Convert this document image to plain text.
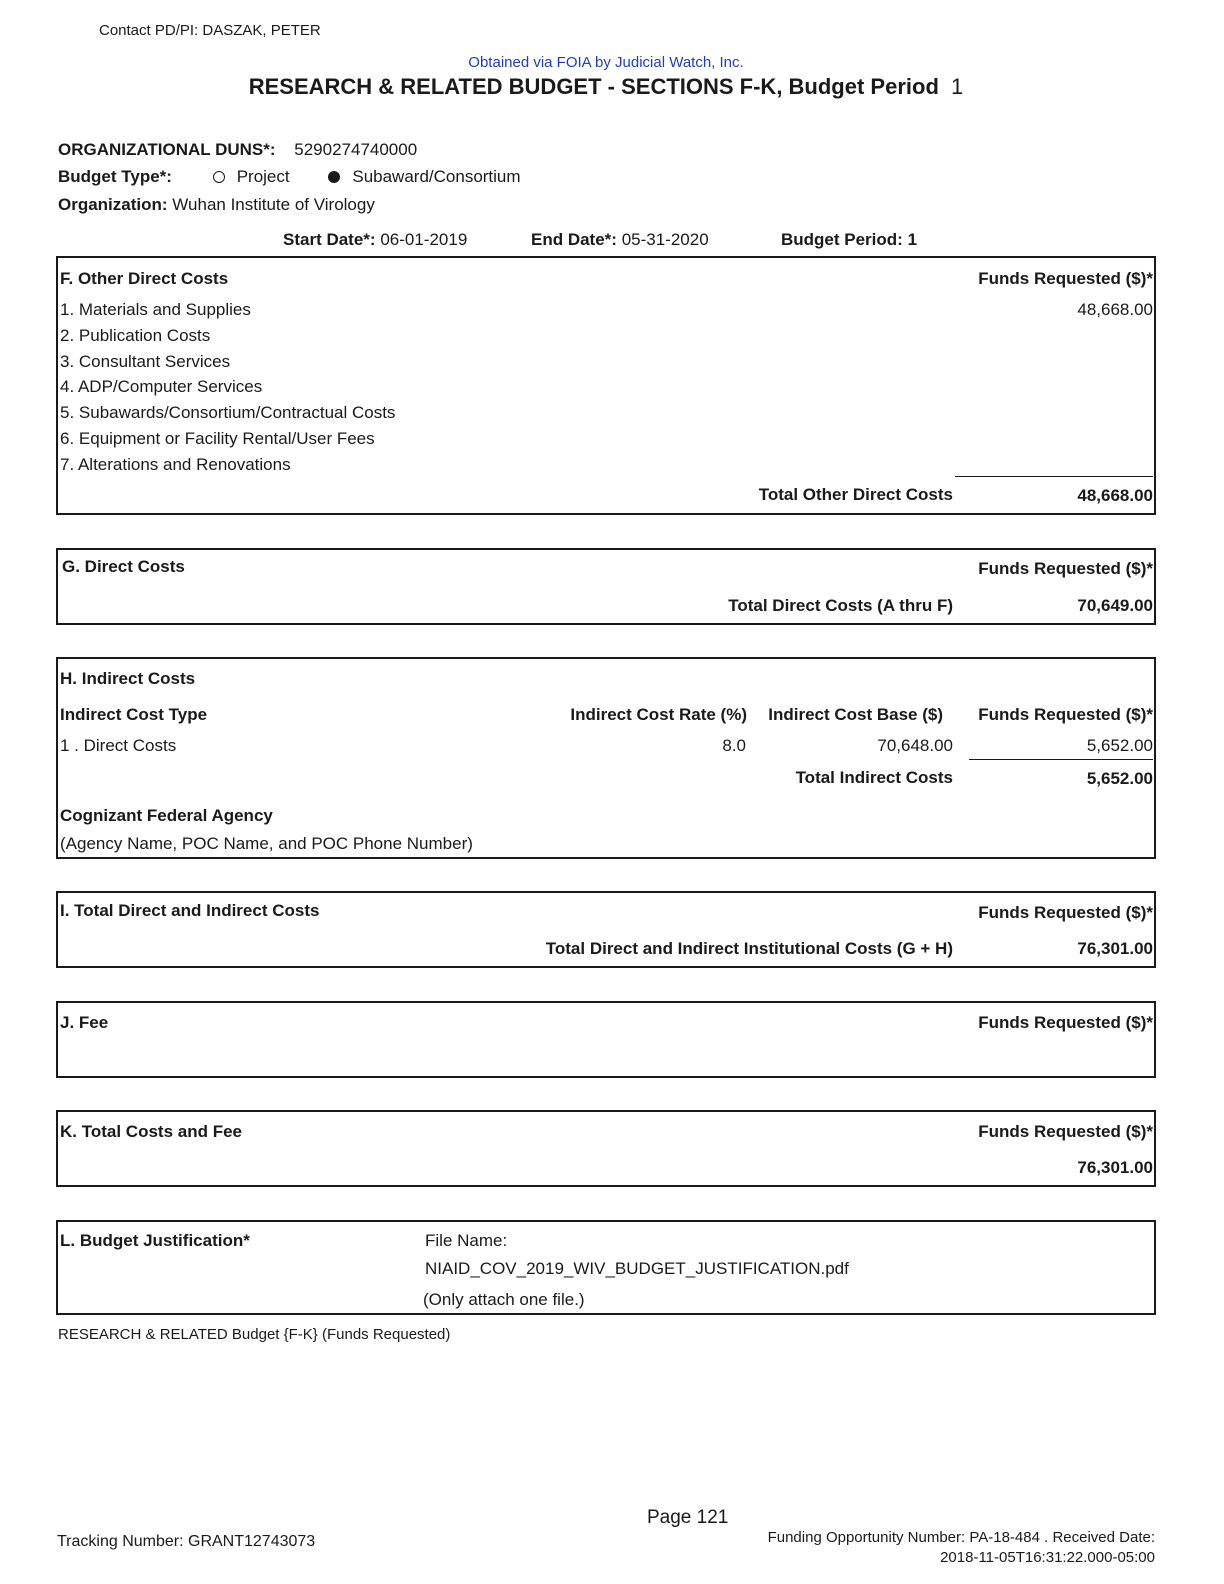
Contact PD/PI: DASZAK, PETER
Obtained via FOIA by Judicial Watch, Inc.
RESEARCH & RELATED BUDGET - SECTIONS F-K, Budget Period 1
ORGANIZATIONAL DUNS*: 5290274740000
Budget Type*:	Project	Subaward/Consortium
Organization: Wuhan Institute of Virology
Start Date*: 06-01-2019	End Date*: 05-31-2020	Budget Period: 1
F. Other Direct Costs	Funds Requested ($)*
1. Materials and Supplies	48,668.00
2. Publication Costs
3. Consultant Services
4. ADP/Computer Services
5. Subawards/Consortium/Contractual Costs
6. Equipment or Facility Rental/User Fees
7. Alterations and Renovations
Total Other Direct Costs	48,668.00
G. Direct Costs	Funds Requested ($)*
Total Direct Costs (A thru F)	70,649.00
H. Indirect Costs
Indirect Cost Type	Indirect Cost Rate (%)	Indirect Cost Base ($)	Funds Requested ($)*
1 . Direct Costs	8.0	70,648.00	5,652.00
Total Indirect Costs	5,652.00
Cognizant Federal Agency
(Agency Name, POC Name, and POC Phone Number)
I. Total Direct and Indirect Costs	Funds Requested ($)*
Total Direct and Indirect Institutional Costs (G + H)	76,301.00
J. Fee	Funds Requested ($)*
K. Total Costs and Fee	Funds Requested ($)*
76,301.00
L. Budget Justification*	File Name:
NIAID_COV_2019_WIV_BUDGET_JUSTIFICATION.pdf
(Only attach one file.)
RESEARCH & RELATED Budget {F-K} (Funds Requested)
Page 121
Tracking Number: GRANT12743073	Funding Opportunity Number: PA-18-484 . Received Date:
2018-11-05T16:31:22.000-05:00
